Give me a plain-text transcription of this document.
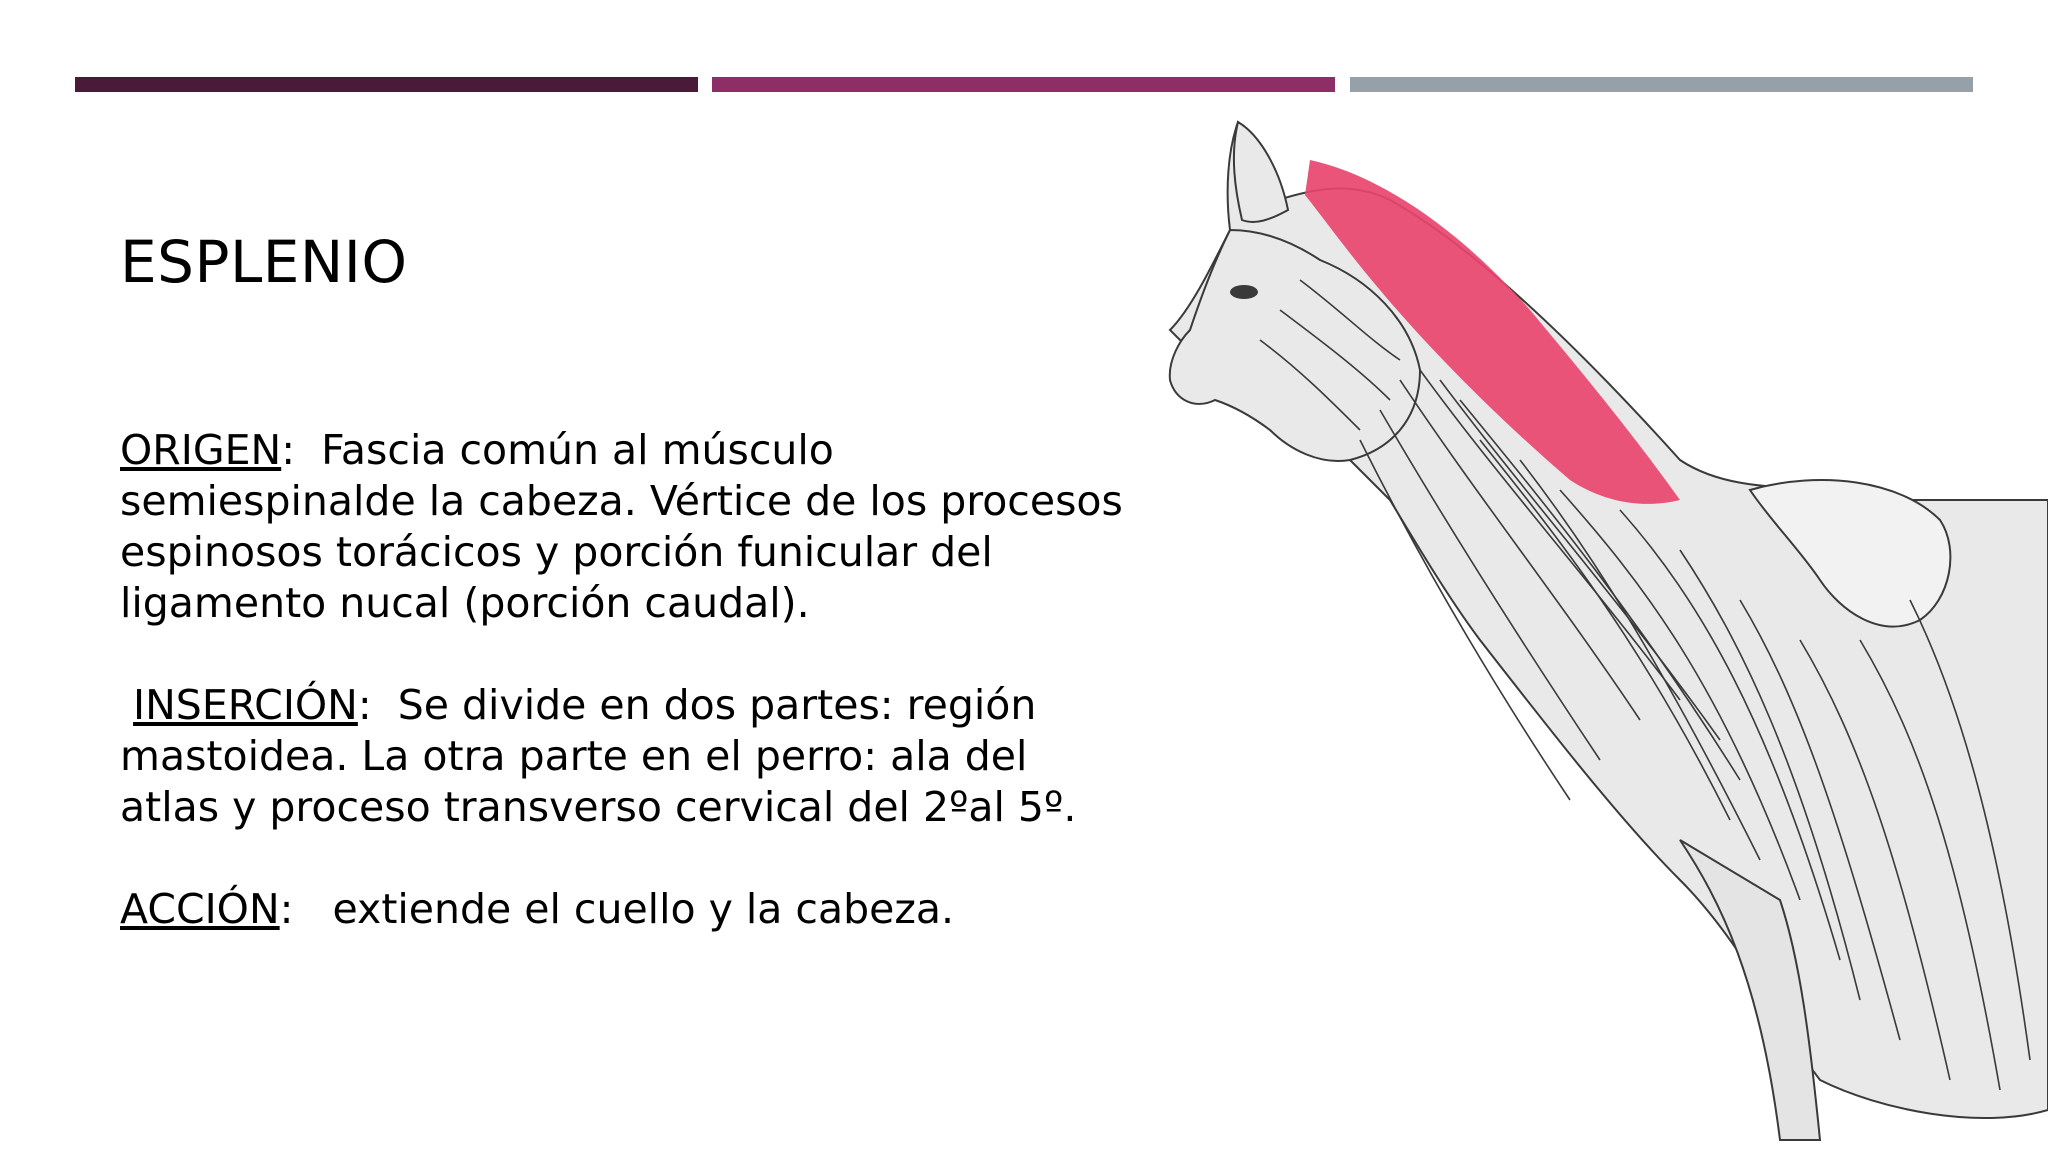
ESPLENIO

ORIGEN:  Fascia común al músculo semiespinalde la cabeza. Vértice de los procesos espinosos torácicos y porción funicular del ligamento nucal (porción caudal).

INSERCIÓN:  Se divide en dos partes: región mastoidea. La otra parte en el perro: ala del atlas y proceso transverso cervical del 2ºal 5º.

ACCIÓN:   extiende el cuello y la cabeza.
